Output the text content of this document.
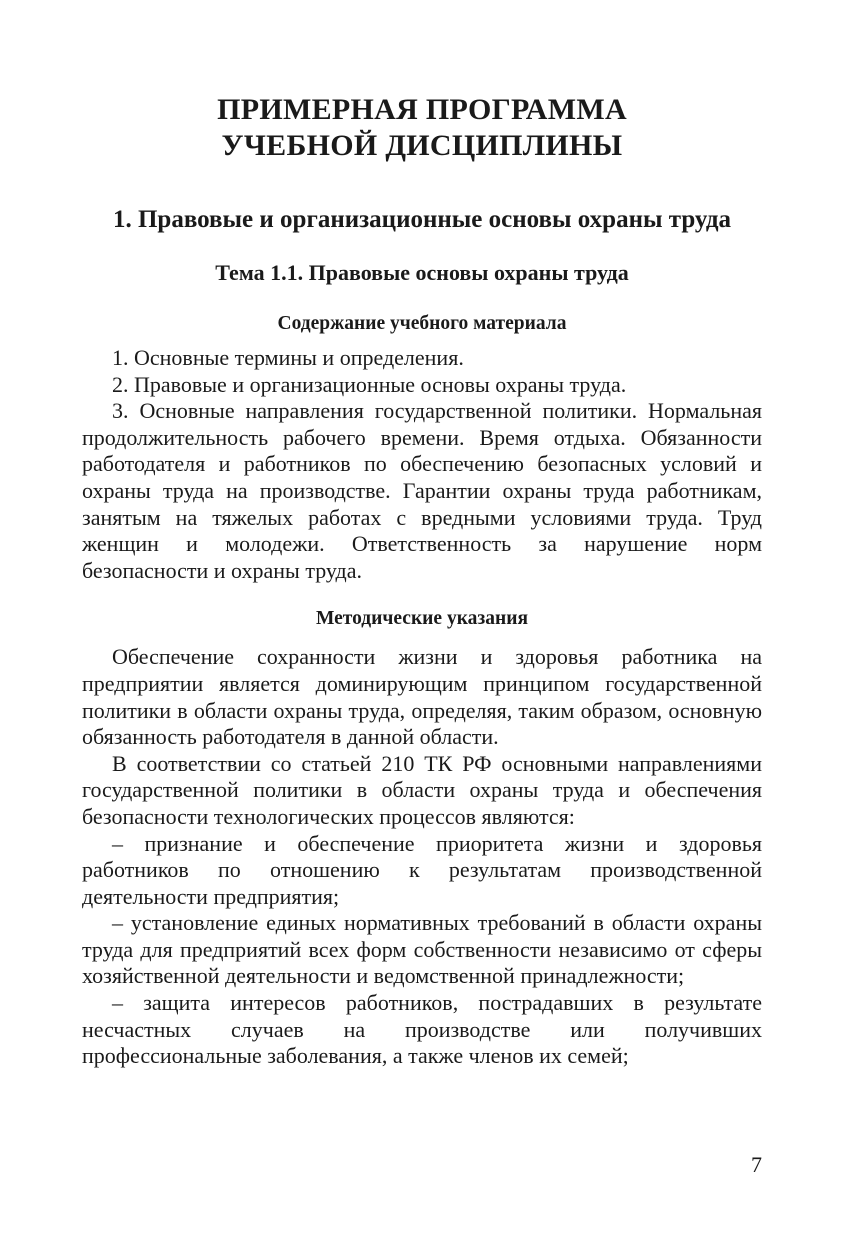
ПРИМЕРНАЯ ПРОГРАММА
УЧЕБНОЙ ДИСЦИПЛИНЫ
1. Правовые и организационные основы охраны труда
Тема 1.1. Правовые основы охраны труда
Содержание учебного материала

1. Основные термины и определения.

2. Правовые и организационные основы охраны труда.

3. Основные направления государственной политики. Нормальная продолжительность рабочего времени. Время отдыха. Обязанности работодателя и работников по обеспечению безопасных условий и охраны труда на производстве. Гарантии охраны труда работникам, занятым на тяжелых работах с вредными условиями труда. Труд женщин и молодежи. Ответственность за нарушение норм безопасности и охраны труда.

Методические указания

Обеспечение сохранности жизни и здоровья работника на предприятии является доминирующим принципом государственной политики в области охраны труда, определяя, таким образом, основную обязанность работодателя в данной области.

В соответствии со статьей 210 ТК РФ основными направлениями государственной политики в области охраны труда и обеспечения безопасности технологических процессов являются:

– признание и обеспечение приоритета жизни и здоровья работников по отношению к результатам производственной деятельности предприятия;

– установление единых нормативных требований в области охраны труда для предприятий всех форм собственности независимо от сферы хозяйственной деятельности и ведомственной принадлежности;

– защита интересов работников, пострадавших в результате несчастных случаев на производстве или получивших профессиональные заболевания, а также членов их семей;

7
